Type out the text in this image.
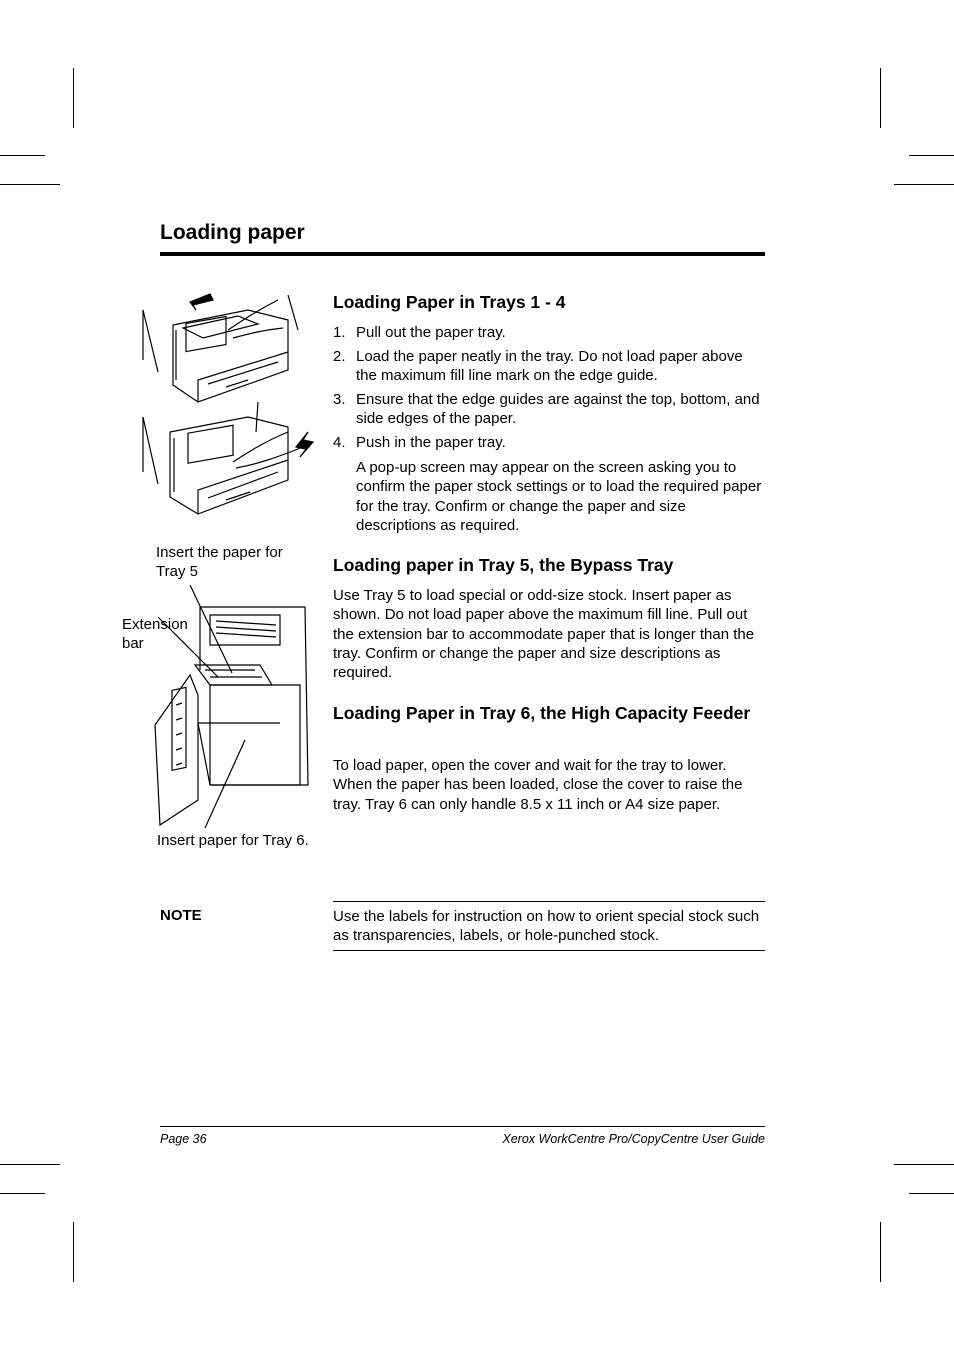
Loading paper
Insert the paper for Tray 5
Extension bar
Insert paper for Tray 6.
Loading Paper in Trays 1 - 4
1. Pull out the paper tray.
2. Load the paper neatly in the tray. Do not load paper above the maximum fill line mark on the edge guide.
3. Ensure that the edge guides are against the top, bottom, and side edges of the paper.
4. Push in the paper tray.
A pop-up screen may appear on the screen asking you to confirm the paper stock settings or to load the required paper for the tray. Confirm or change the paper and size descriptions as required.
Loading paper in Tray 5, the Bypass Tray
Use Tray 5 to load special or odd-size stock. Insert paper as shown. Do not load paper above the maximum fill line. Pull out the extension bar to accommodate paper that is longer than the tray. Confirm or change the paper and size descriptions as required.
Loading Paper in Tray 6, the High Capacity Feeder
To load paper, open the cover and wait for the tray to lower. When the paper has been loaded, close the cover to raise the tray. Tray 6 can only handle 8.5 x 11 inch or A4 size paper.
NOTE	Use the labels for instruction on how to orient special stock such as transparencies, labels, or hole-punched stock.
Page 36	Xerox WorkCentre Pro/CopyCentre User Guide
